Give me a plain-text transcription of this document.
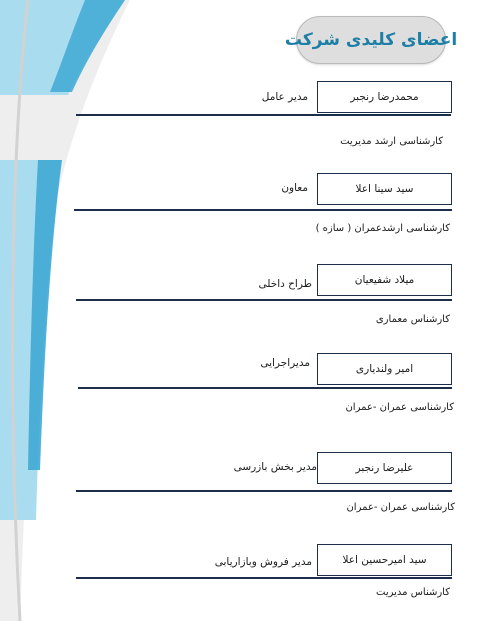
اعضای کلیدی شرکت
محمدرضا رنجبر
مدیر عامل
کارشناسی ارشد مدیریت
سید سینا اعلا
معاون
کارشناسی ارشدعمران ( سازه )
میلاد شفیعیان
طراح داخلی
کارشناس معماری
امیر ولندیاری
مدیراجرایی
کارشناسی عمران -عمران
علیرضا رنجبر
مدیر بخش بازرسی
کارشناسی عمران -عمران
سید امیرحسین اعلا
مدیر فروش وبازاریابی
کارشناس مدیریت
